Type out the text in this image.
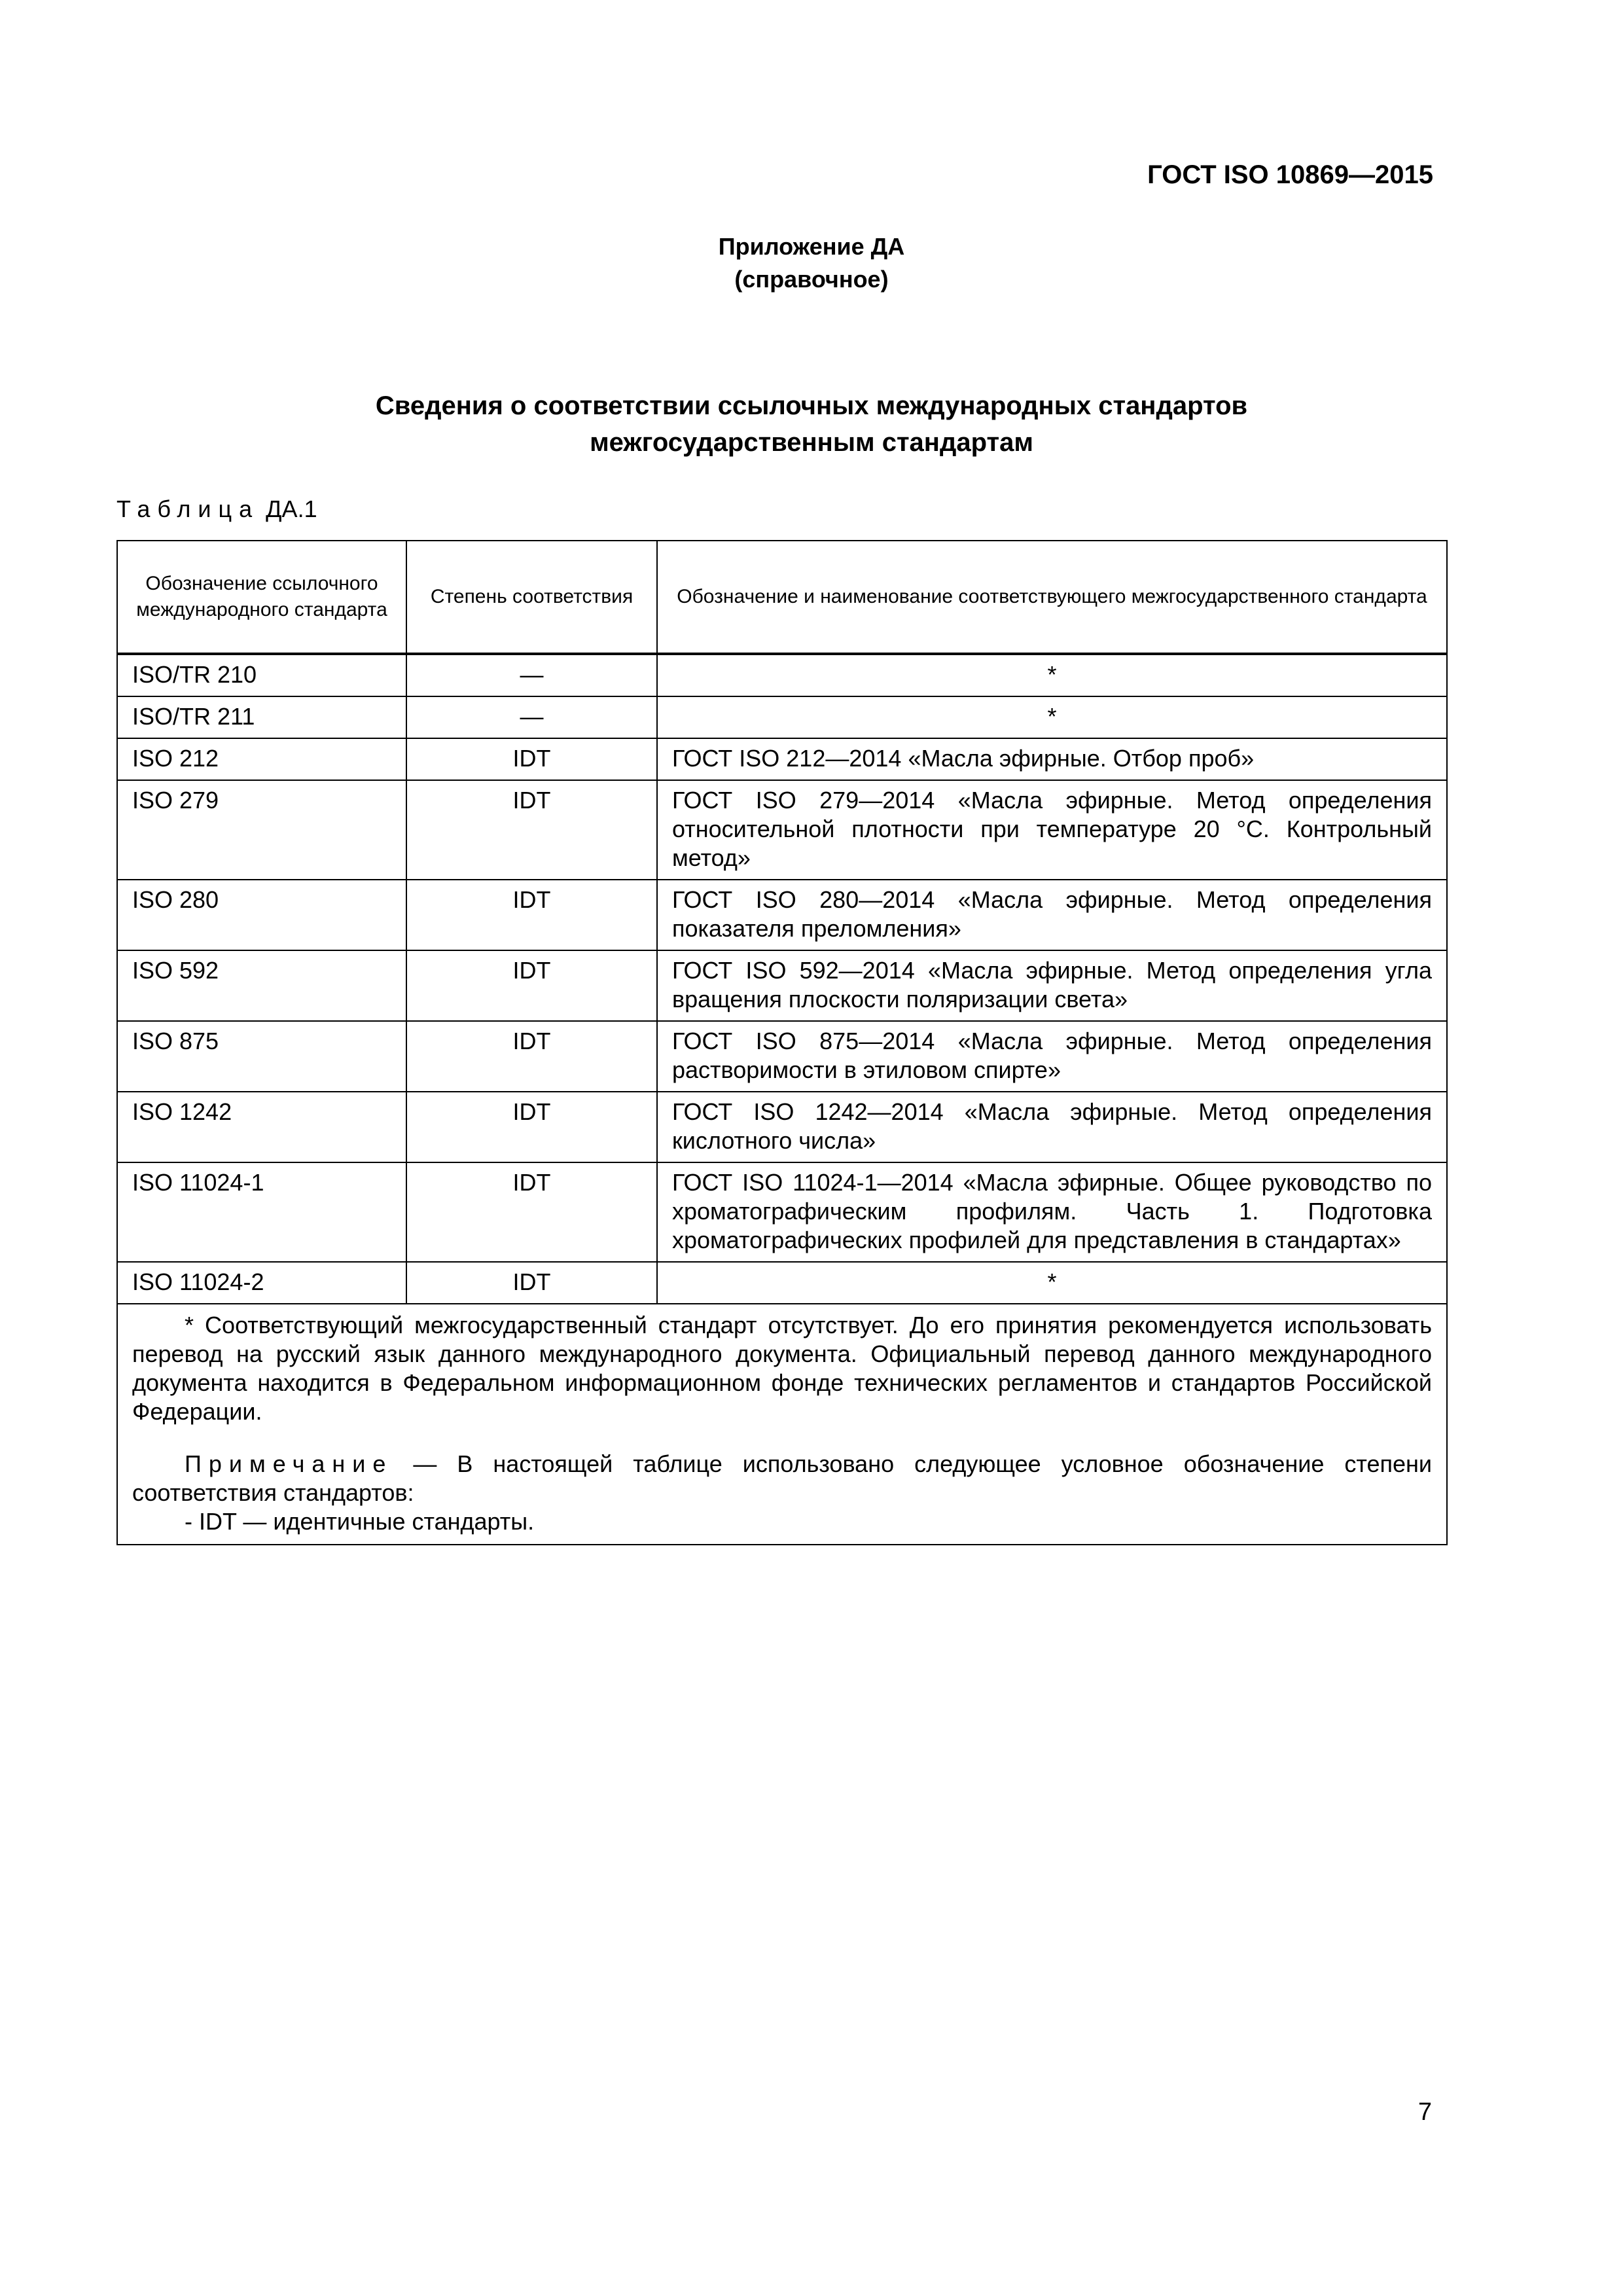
ГОСТ ISO 10869—2015
Приложение ДА
(справочное)
Сведения о соответствии ссылочных международных стандартов
межгосударственным стандартам
Таблица ДА.1
Обозначение ссылочного международного стандарта	Степень соответствия	Обозначение и наименование соответствующего межгосударственного стандарта
ISO/TR 210	—	*
ISO/TR 211	—	*
ISO 212	IDT	ГОСТ ISO 212—2014 «Масла эфирные. Отбор проб»
ISO 279	IDT	ГОСТ ISO 279—2014 «Масла эфирные. Метод определения относительной плотности при температуре 20 °С. Контрольный метод»
ISO 280	IDT	ГОСТ ISO 280—2014 «Масла эфирные. Метод определения показателя преломления»
ISO 592	IDT	ГОСТ ISO 592—2014 «Масла эфирные. Метод определения угла вращения плоскости поляризации света»
ISO 875	IDT	ГОСТ ISO 875—2014 «Масла эфирные. Метод определения растворимости в этиловом спирте»
ISO 1242	IDT	ГОСТ ISO 1242—2014 «Масла эфирные. Метод определения кислотного числа»
ISO 11024-1	IDT	ГОСТ ISO 11024-1—2014 «Масла эфирные. Общее руководство по хроматографическим профилям. Часть 1. Подготовка хроматографических профилей для представления в стандартах»
ISO 11024-2	IDT	*

* Соответствующий межгосударственный стандарт отсутствует. До его принятия рекомендуется использовать перевод на русский язык данного международного документа. Официальный перевод данного международного документа находится в Федеральном информационном фонде технических регламентов и стандартов Российской Федерации.

Примечание — В настоящей таблице использовано следующее условное обозначение степени соответствия стандартов:

- IDT — идентичные стандарты.		

7
